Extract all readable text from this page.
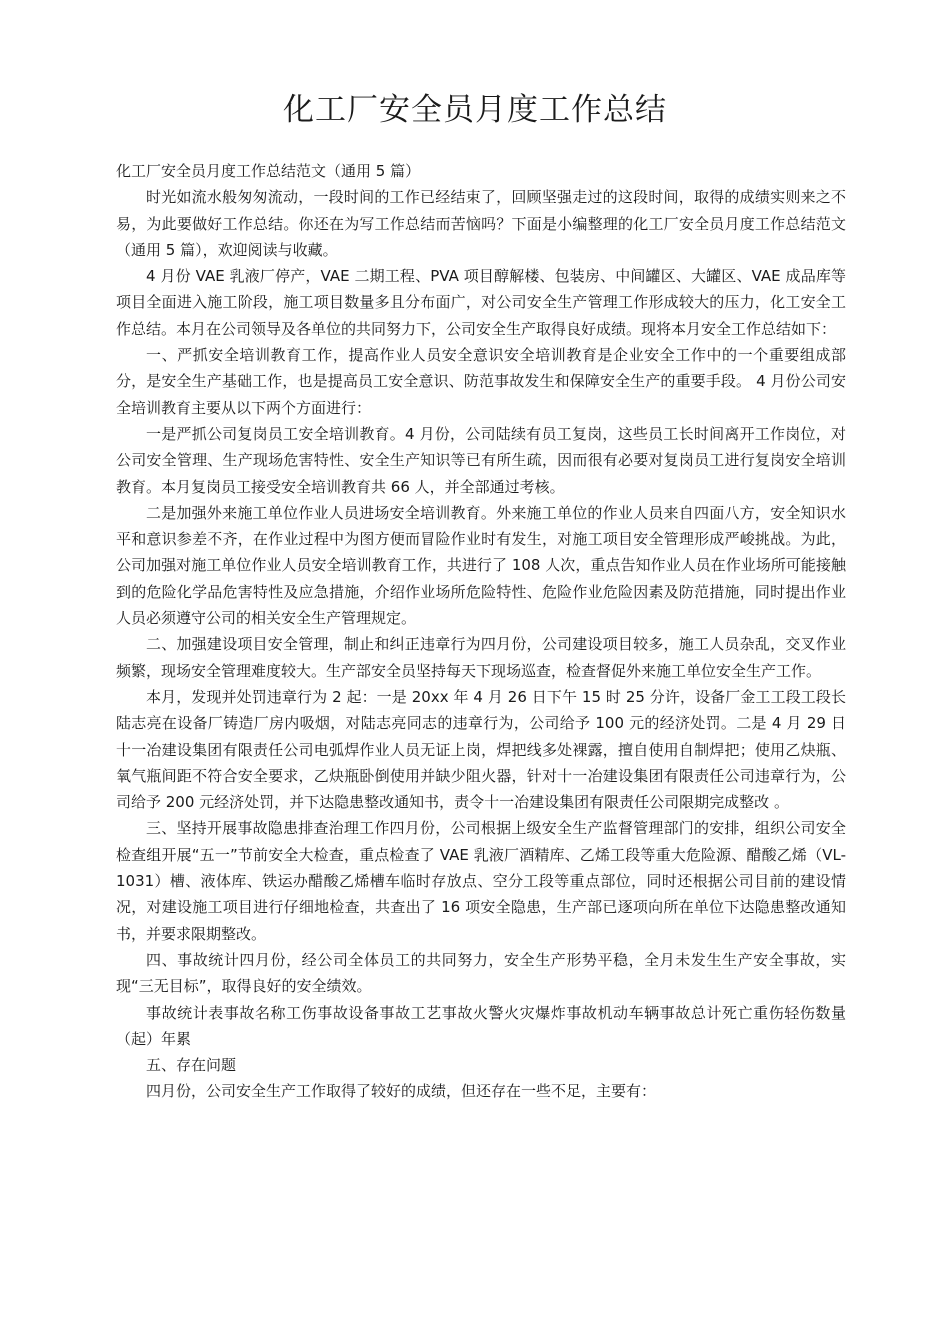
化工厂安全员月度工作总结

化工厂安全员月度工作总结范文（通用 5 篇）

时光如流水般匆匆流动，一段时间的工作已经结束了，回顾坚强走过的这段时间，取得的成绩实则来之不易，为此要做好工作总结。你还在为写工作总结而苦恼吗？下面是小编整理的化工厂安全员月度工作总结范文（通用 5 篇），欢迎阅读与收藏。

4 月份 VAE 乳液厂停产，VAE 二期工程、PVA 项目醇解楼、包装房、中间罐区、大罐区、VAE 成品库等项目全面进入施工阶段，施工项目数量多且分布面广，对公司安全生产管理工作形成较大的压力，化工安全工作总结。本月在公司领导及各单位的共同努力下，公司安全生产取得良好成绩。现将本月安全工作总结如下：

一、严抓安全培训教育工作，提高作业人员安全意识安全培训教育是企业安全工作中的一个重要组成部分，是安全生产基础工作，也是提高员工安全意识、防范事故发生和保障安全生产的重要手段。 4 月份公司安全培训教育主要从以下两个方面进行：

一是严抓公司复岗员工安全培训教育。4 月份，公司陆续有员工复岗，这些员工长时间离开工作岗位，对公司安全管理、生产现场危害特性、安全生产知识等已有所生疏，因而很有必要对复岗员工进行复岗安全培训教育。本月复岗员工接受安全培训教育共 66 人，并全部通过考核。

二是加强外来施工单位作业人员进场安全培训教育。外来施工单位的作业人员来自四面八方，安全知识水平和意识参差不齐，在作业过程中为图方便而冒险作业时有发生，对施工项目安全管理形成严峻挑战。为此，公司加强对施工单位作业人员安全培训教育工作，共进行了 108 人次，重点告知作业人员在作业场所可能接触到的危险化学品危害特性及应急措施，介绍作业场所危险特性、危险作业危险因素及防范措施，同时提出作业人员必须遵守公司的相关安全生产管理规定。

二、加强建设项目安全管理，制止和纠正违章行为四月份，公司建设项目较多，施工人员杂乱，交叉作业频繁，现场安全管理难度较大。生产部安全员坚持每天下现场巡查，检查督促外来施工单位安全生产工作。

本月，发现并处罚违章行为 2 起：一是 20xx 年 4 月 26 日下午 15 时 25 分许，设备厂金工工段工段长陆志亮在设备厂铸造厂房内吸烟，对陆志亮同志的违章行为，公司给予 100 元的经济处罚。二是 4 月 29 日十一冶建设集团有限责任公司电弧焊作业人员无证上岗，焊把线多处裸露，擅自使用自制焊把；使用乙炔瓶、氧气瓶间距不符合安全要求，乙炔瓶卧倒使用并缺少阻火器，针对十一冶建设集团有限责任公司违章行为，公司给予 200 元经济处罚，并下达隐患整改通知书，责令十一冶建设集团有限责任公司限期完成整改 。

三、坚持开展事故隐患排查治理工作四月份，公司根据上级安全生产监督管理部门的安排，组织公司安全检查组开展“五一”节前安全大检查，重点检查了 VAE 乳液厂酒精库、乙烯工段等重大危险源、醋酸乙烯（VL-1031）槽、液体库、铁运办醋酸乙烯槽车临时存放点、空分工段等重点部位，同时还根据公司目前的建设情况，对建设施工项目进行仔细地检查，共查出了 16 项安全隐患，生产部已逐项向所在单位下达隐患整改通知书，并要求限期整改。

四、事故统计四月份，经公司全体员工的共同努力，安全生产形势平稳，全月未发生生产安全事故，实现“三无目标”，取得良好的安全绩效。

事故统计表事故名称工伤事故设备事故工艺事故火警火灾爆炸事故机动车辆事故总计死亡重伤轻伤数量（起）年累

五、存在问题

四月份，公司安全生产工作取得了较好的成绩，但还存在一些不足，主要有：
